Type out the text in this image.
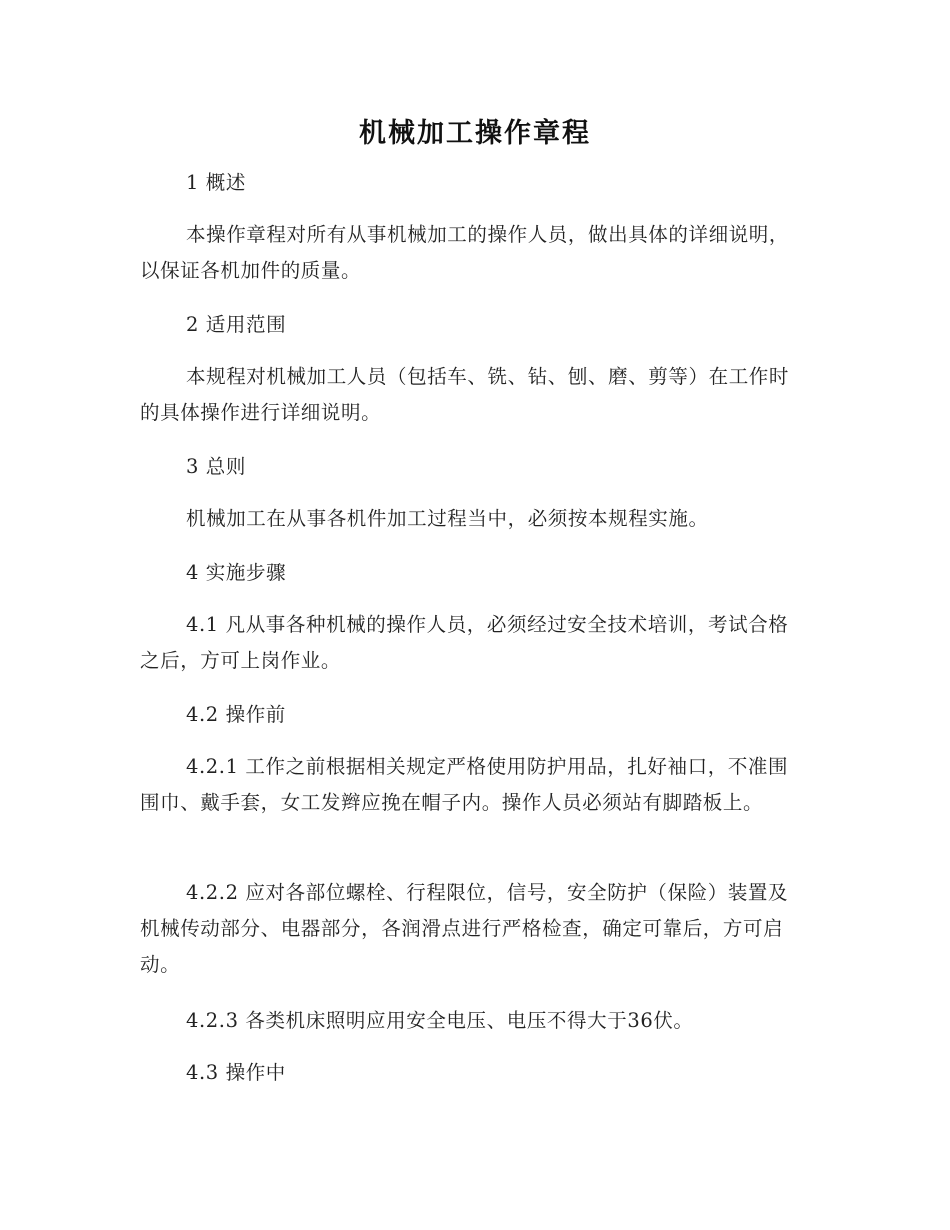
机械加工操作章程
1 概述
本操作章程对所有从事机械加工的操作人员，做出具体的详细说明，以保证各机加件的质量。
2 适用范围
本规程对机械加工人员（包括车、铣、钻、刨、磨、剪等）在工作时的具体操作进行详细说明。
3 总则
机械加工在从事各机件加工过程当中，必须按本规程实施。
4 实施步骤
4.1 凡从事各种机械的操作人员，必须经过安全技术培训，考试合格之后，方可上岗作业。
4.2 操作前
4.2.1 工作之前根据相关规定严格使用防护用品，扎好袖口，不准围围巾、戴手套，女工发辫应挽在帽子内。操作人员必须站有脚踏板上。
4.2.2 应对各部位螺栓、行程限位，信号，安全防护（保险）装置及机械传动部分、电器部分，各润滑点进行严格检查，确定可靠后，方可启动。
4.2.3 各类机床照明应用安全电压、电压不得大于36伏。
4.3 操作中
